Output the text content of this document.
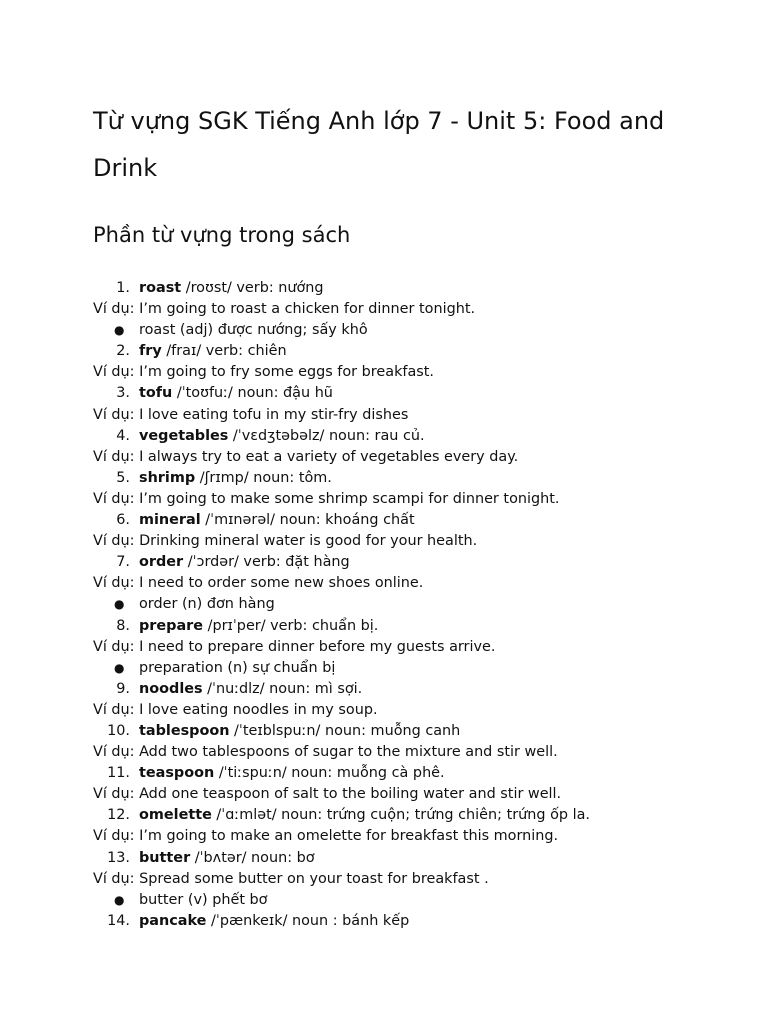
Từ vựng SGK Tiếng Anh lớp 7 - Unit 5: Food and Drink
Phần từ vựng trong sách
1. roast /roʊst/ verb: nướng
Ví dụ: I’m going to roast a chicken for dinner tonight.
● roast (adj) được nướng; sấy khô
2. fry /fraɪ/ verb: chiên
Ví dụ: I’m going to fry some eggs for breakfast.
3. tofu /ˈtoʊfuː/ noun: đậu hũ
Ví dụ: I love eating tofu in my stir-fry dishes
4. vegetables /ˈvɛdʒtəbəlz/ noun: rau củ.
Ví dụ: I always try to eat a variety of vegetables every day.
5. shrimp /ʃrɪmp/ noun: tôm.
Ví dụ: I’m going to make some shrimp scampi for dinner tonight.
6. mineral /ˈmɪnərəl/ noun: khoáng chất
Ví dụ: Drinking mineral water is good for your health.
7. order /ˈɔrdər/ verb: đặt hàng
Ví dụ: I need to order some new shoes online.
● order (n) đơn hàng
8. prepare /prɪˈper/ verb: chuẩn bị.
Ví dụ: I need to prepare dinner before my guests arrive.
● preparation (n) sự chuẩn bị
9. noodles /ˈnuːdlz/ noun: mì sợi.
Ví dụ: I love eating noodles in my soup.
10. tablespoon /ˈteɪblspuːn/ noun: muỗng canh
Ví dụ: Add two tablespoons of sugar to the mixture and stir well.
11. teaspoon /ˈtiːspuːn/ noun: muỗng cà phê.
Ví dụ: Add one teaspoon of salt to the boiling water and stir well.
12. omelette /ˈɑːmlət/ noun: trứng cuộn; trứng chiên; trứng ốp la.
Ví dụ: I’m going to make an omelette for breakfast this morning.
13. butter /ˈbʌtər/ noun: bơ
Ví dụ: Spread some butter on your toast for breakfast .
● butter (v) phết bơ
14. pancake /ˈpænkeɪk/ noun : bánh kếp
